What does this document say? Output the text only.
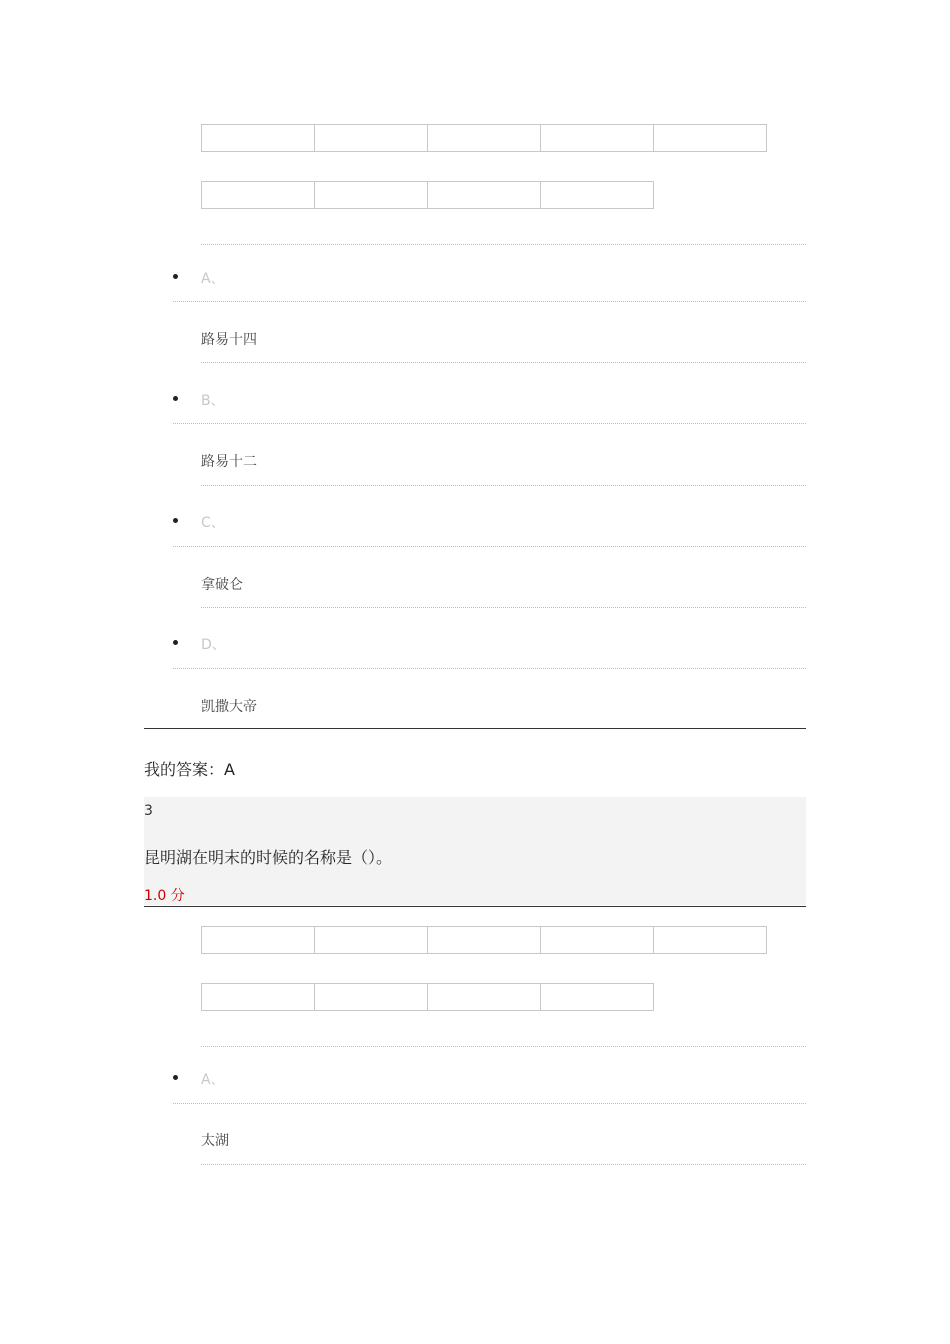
A、
路易十四
B、
路易十二
C、
拿破仑
D、
凯撒大帝
我的答案：A
3
昆明湖在明末的时候的名称是（）。
1.0 分
A、
太湖
